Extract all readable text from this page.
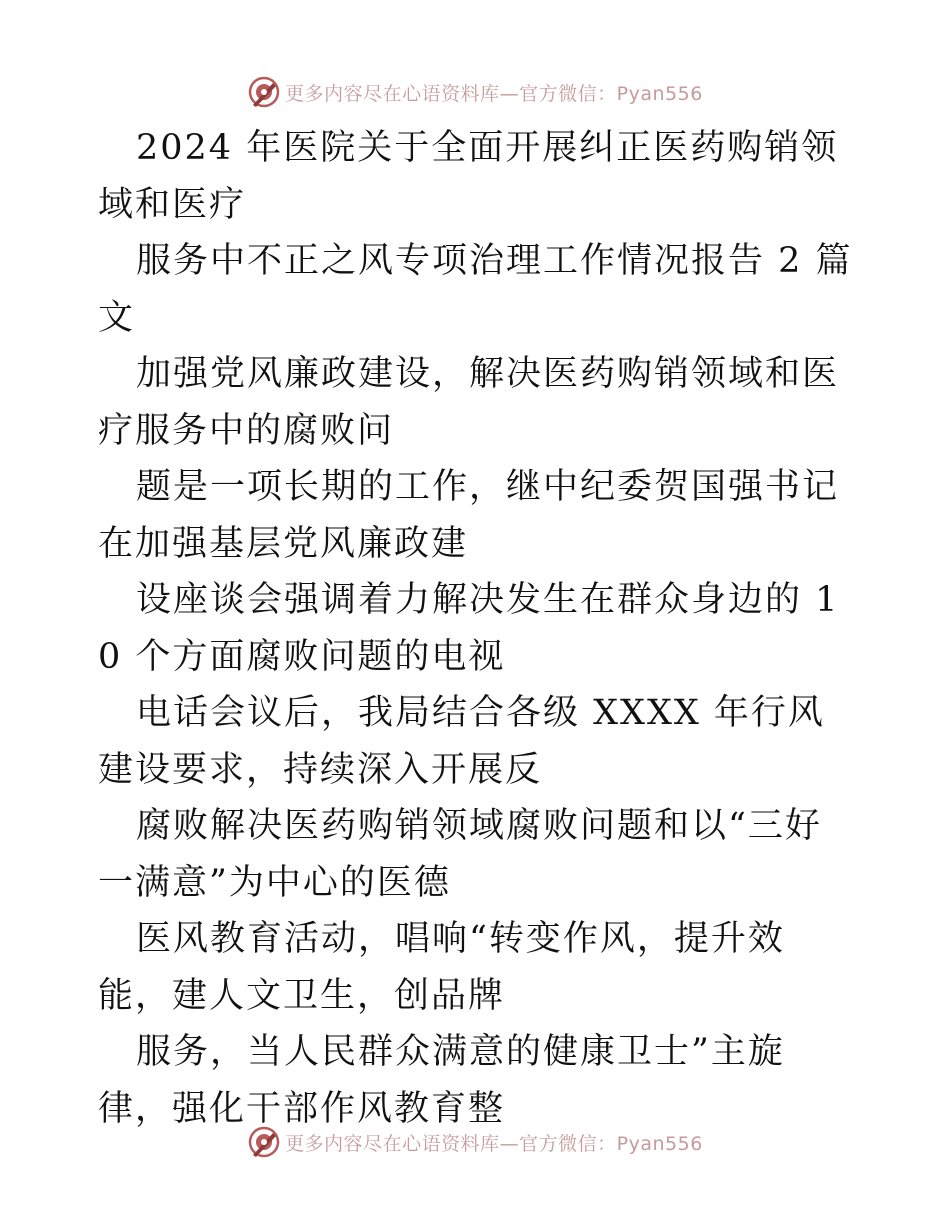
更多内容尽在心语资料库—官方微信：Pyan556

2024 年医院关于全面开展纠正医药购销领域和医疗

服务中不正之风专项治理工作情况报告 2 篇文

加强党风廉政建设，解决医药购销领域和医疗服务中的腐败问

题是一项长期的工作，继中纪委贺国强书记在加强基层党风廉政建

设座谈会强调着力解决发生在群众身边的 10 个方面腐败问题的电视

电话会议后，我局结合各级 XXXX 年行风建设要求，持续深入开展反

腐败解决医药购销领域腐败问题和以“三好一满意”为中心的医德

医风教育活动，唱响“转变作风，提升效能，建人文卫生，创品牌

服务，当人民群众满意的健康卫士”主旋律，强化干部作风教育整

更多内容尽在心语资料库—官方微信：Pyan556
